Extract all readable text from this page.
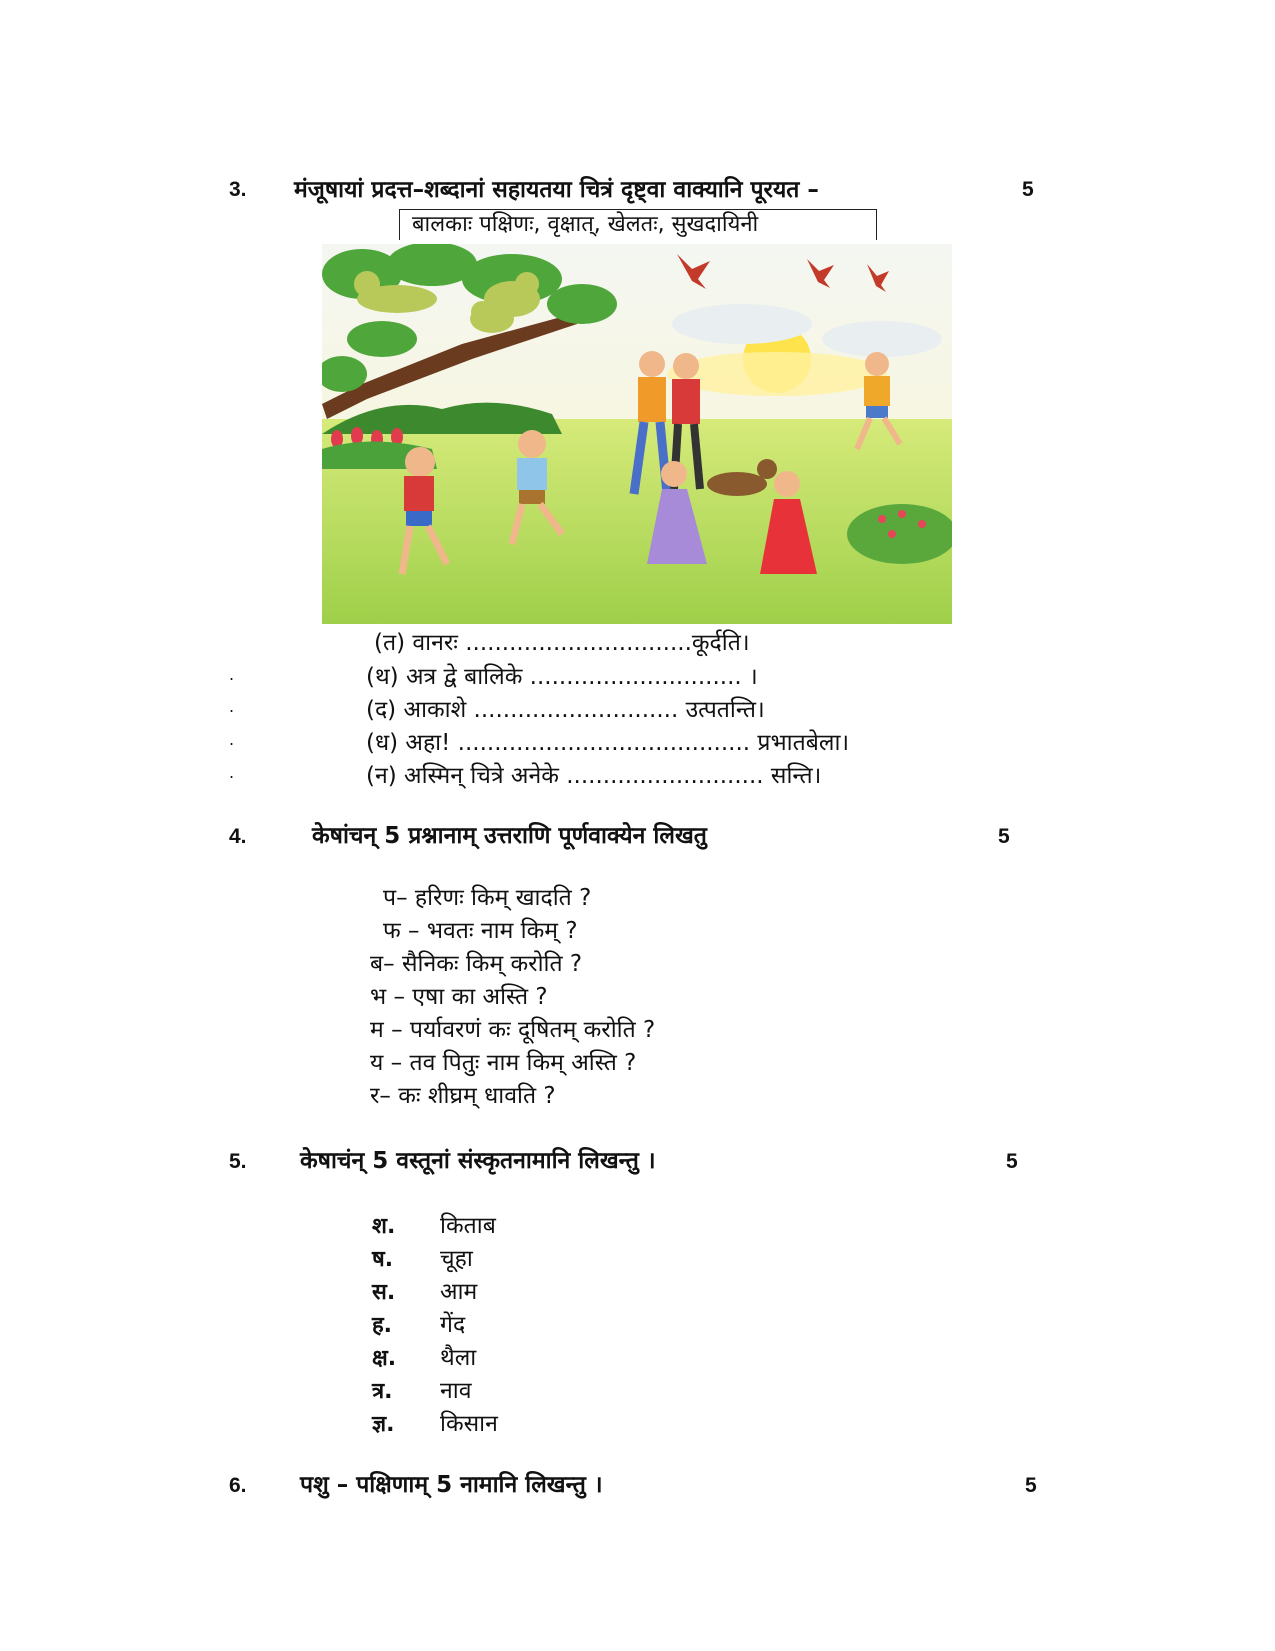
3. मंजूषायां प्रदत्त–शब्दानां सहायतया चित्रं दृष्ट्वा वाक्यानि पूरयत –	5
बालकाः पक्षिणः, वृक्षात्, खेलतः, सुखदायिनी
(त) वानरः ...............................कूर्दति।
.	(थ) अत्र द्वे बालिके ............................. ।
.	(द) आकाशे ............................ उत्पतन्ति।
.	(ध) अहा! ........................................ प्रभातबेला।
.	(न) अस्मिन् चित्रे अनेके ........................... सन्ति।
4.	केषांचन् 5 प्रश्नानाम् उत्तराणि पूर्णवाक्येन लिखतु	5
प– हरिणः किम् खादति ?
फ – भवतः नाम किम् ?
ब– सैनिकः किम् करोति ?
भ – एषा का अस्ति ?
म – पर्यावरणं कः दूषितम् करोति ?
य – तव पितुः नाम किम् अस्ति ?
र– कः शीघ्रम् धावति ?
5. केषाचंन् 5 वस्तूनां संस्कृतनामानि लिखन्तु ।	5
श. किताब
ष. चूहा
स. आम
ह. गेंद
क्ष. थैला
त्र. नाव
ज्ञ. किसान
6. पशु – पक्षिणाम् 5 नामानि लिखन्तु ।	5
